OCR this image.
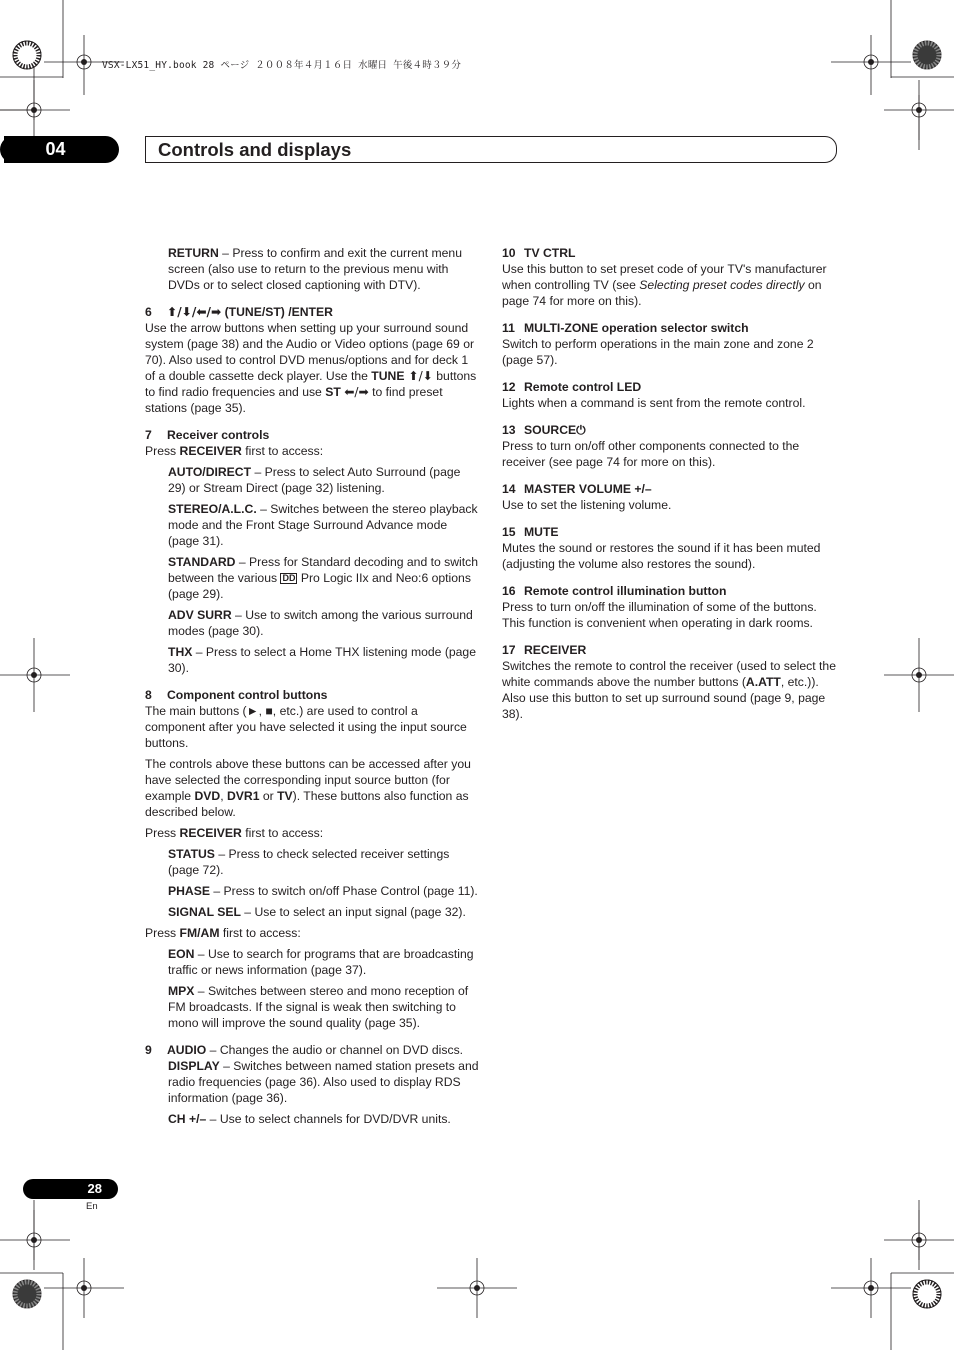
VSX-LX51_HY.book 28 ページ ２００８年４月１６日 水曜日 午後４時３９分
04	Controls and displays

RETURN – Press to confirm and exit the current menu screen (also use to return to the previous menu with DVDs or to select closed captioning with DTV).

6 ⬆/⬇/⬅/➡ (TUNE/ST) /ENTER

Use the arrow buttons when setting up your surround sound system (page 38) and the Audio or Video options (page 69 or 70). Also used to control DVD menus/options and for deck 1 of a double cassette deck player. Use the TUNE ⬆/⬇ buttons to find radio frequencies and use ST ⬅/➡ to find preset stations (page 35).

7 Receiver controls

Press RECEIVER first to access:

AUTO/DIRECT – Press to select Auto Surround (page 29) or Stream Direct (page 32) listening.

STEREO/A.L.C. – Switches between the stereo playback mode and the Front Stage Surround Advance mode (page 31).

STANDARD – Press for Standard decoding and to switch between the various DD Pro Logic IIx and Neo:6 options (page 29).

ADV SURR – Use to switch among the various surround modes (page 30).

THX – Press to select a Home THX listening mode (page 30).

8 Component control buttons

The main buttons (►, ■, etc.) are used to control a component after you have selected it using the input source buttons.

The controls above these buttons can be accessed after you have selected the corresponding input source button (for example DVD, DVR1 or TV). These buttons also function as described below.

Press RECEIVER first to access:

STATUS – Press to check selected receiver settings (page 72).

PHASE – Press to switch on/off Phase Control (page 11).

SIGNAL SEL – Use to select an input signal (page 32).

Press FM/AM first to access:

EON – Use to search for programs that are broadcasting traffic or news information (page 37).

MPX – Switches between stereo and mono reception of FM broadcasts. If the signal is weak then switching to mono will improve the sound quality (page 35).

9 AUDIO – Changes the audio or channel on DVD discs.

DISPLAY – Switches between named station presets and radio frequencies (page 36). Also used to display RDS information (page 36).

CH +/– – Use to select channels for DVD/DVR units.

10 TV CTRL

Use this button to set preset code of your TV's manufacturer when controlling TV (see Selecting preset codes directly on page 74 for more on this).

11 MULTI-ZONE operation selector switch

Switch to perform operations in the main zone and zone 2 (page 57).

12 Remote control LED

Lights when a command is sent from the remote control.

13 SOURCE⏻

Press to turn on/off other components connected to the receiver (see page 74 for more on this).

14 MASTER VOLUME +/–

Use to set the listening volume.

15 MUTE

Mutes the sound or restores the sound if it has been muted (adjusting the volume also restores the sound).

16 Remote control illumination button

Press to turn on/off the illumination of some of the buttons. This function is convenient when operating in dark rooms.

17 RECEIVER

Switches the remote to control the receiver (used to select the white commands above the number buttons (A.ATT, etc.)). Also use this button to set up surround sound (page 9, page 38).

28
En
